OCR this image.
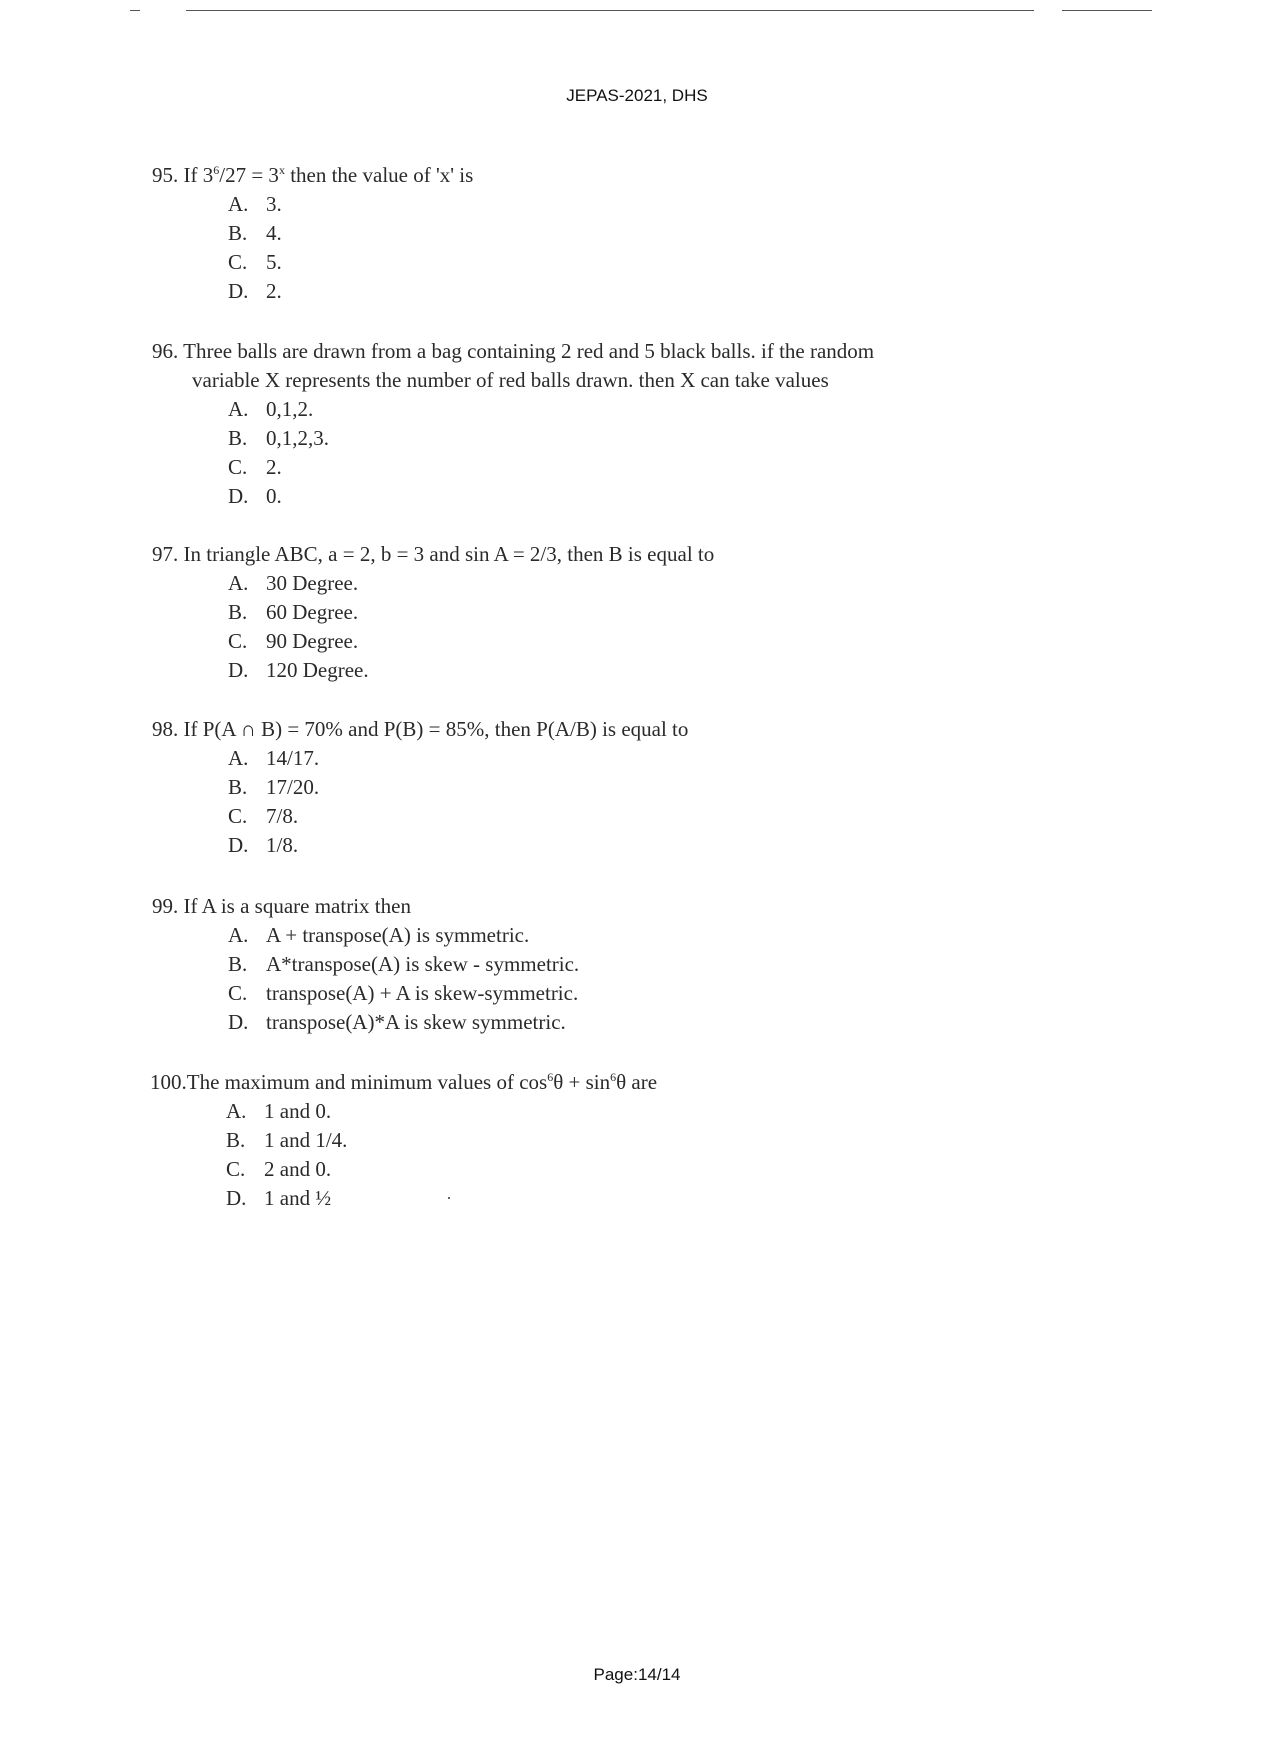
JEPAS-2021, DHS
95. If $3^6/27 = 3^x$ then the value of 'x' is
A. 3.
B. 4.
C. 5.
D. 2.
96. Three balls are drawn from a bag containing 2 red and 5 black balls. if the random
variable X represents the number of red balls drawn. then X can take values
A. 0,1,2.
B. 0,1,2,3.
C. 2.
D. 0.
97. In triangle ABC, a = 2, b = 3 and sin A = 2/3, then B is equal to
A. 30 Degree.
B. 60 Degree.
C. 90 Degree.
D. 120 Degree.
98. If P(A ∩ B) = 70% and P(B) = 85%, then P(A/B) is equal to
A. 14/17.
B. 17/20.
C. 7/8.
D. 1/8.
99. If A is a square matrix then
A. A + transpose(A) is symmetric.
B. A*transpose(A) is skew - symmetric.
C. transpose(A) + A is skew-symmetric.
D. transpose(A)*A is skew symmetric.
100.The maximum and minimum values of $\cos^6\theta + \sin^6\theta$ are
A. 1 and 0.
B. 1 and 1/4.
C. 2 and 0.
D. 1 and ½
Page:14/14
